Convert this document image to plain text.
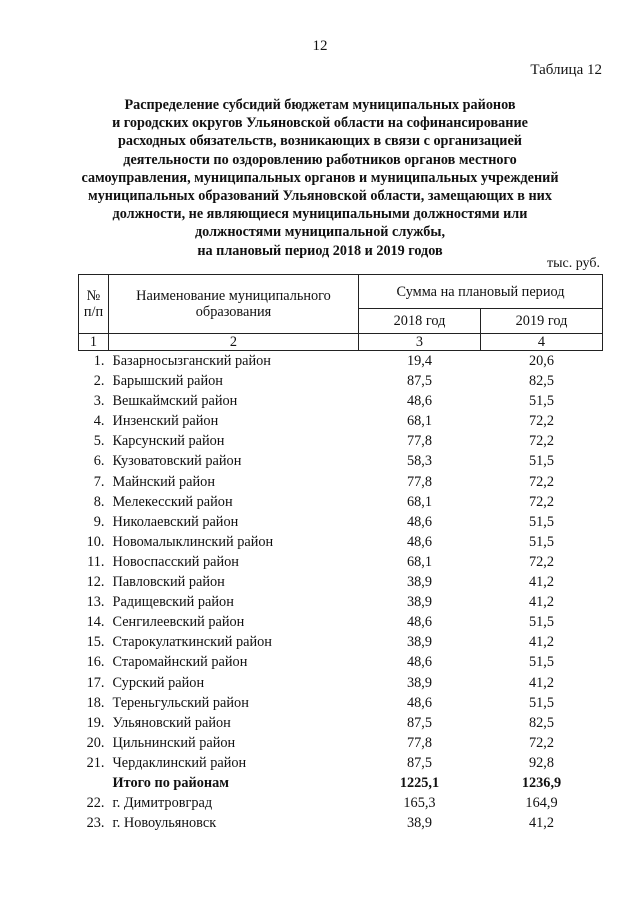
12
Таблица 12
Распределение субсидий бюджетам муниципальных районов
и городских округов Ульяновской области на софинансирование
расходных обязательств, возникающих в связи с организацией
деятельности по оздоровлению работников органов местного
самоуправления, муниципальных органов и муниципальных учреждений
муниципальных образований Ульяновской области, замещающих в них
должности, не являющиеся муниципальными должностями или
должностями муниципальной службы,
на плановый период 2018 и 2019 годов
тыс. руб.
№ п/п	Наименование муниципального образования	Сумма на плановый период	
		2018 год	2019 год
1	2	3	4
1.	Базарносызганский район	19,4	20,6
2.	Барышский район	87,5	82,5
3.	Вешкаймский район	48,6	51,5
4.	Инзенский район	68,1	72,2
5.	Карсунский район	77,8	72,2
6.	Кузоватовский район	58,3	51,5
7.	Майнский район	77,8	72,2
8.	Мелекесский район	68,1	72,2
9.	Николаевский район	48,6	51,5
10.	Новомалыклинский район	48,6	51,5
11.	Новоспасский район	68,1	72,2
12.	Павловский район	38,9	41,2
13.	Радищевский район	38,9	41,2
14.	Сенгилеевский район	48,6	51,5
15.	Старокулаткинский район	38,9	41,2
16.	Старомайнский район	48,6	51,5
17.	Сурский район	38,9	41,2
18.	Тереньгульский район	48,6	51,5
19.	Ульяновский район	87,5	82,5
20.	Цильнинский район	77,8	72,2
21.	Чердаклинский район	87,5	92,8
	Итого по районам	1225,1	1236,9
22.	г. Димитровград	165,3	164,9
23.	г. Новоульяновск	38,9	41,2
